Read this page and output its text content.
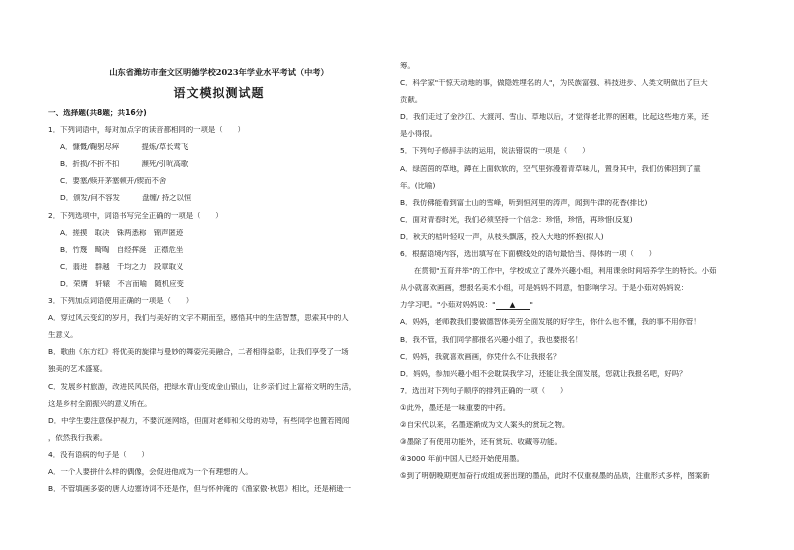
山东省潍坊市奎文区明德学校2023年学业水平考试（中考）
语文模拟测试题
一、选择题(共8题；共16分)
1．下列词语中，每对加点字的读音都相同的一项是（　　）
A．慷慨/鞠躬尽瘁　　　提炼/草长莺飞
B．折损/不折不扣　　　濒死/引吭高歌
C．要塞/赎开茅塞顿开/锲而不舍
D．颁发/问不容发　　　盘缠/ 持之以恒
2．下列选项中，词语书写完全正确的一项是（　　）
A．搓摸　取决　铢两悉称　锦声匿迹
B．竹篾　畸啕　自经挥涎　正襟危坐
C．翡进　群越　千均之力　段章取义
D．荣膺　轩辕　不言而喻　随机应变
3．下列加点词语使用正确的一项是（　　）
A．穿过风云变幻的岁月，我们与美好的文字不期而至，感悟其中的生活智慧，思索其中的人
生意义。
B．歌曲《东方红》将优美的旋律与曼妙的舞姿完美融合，二者相得益彰，让我们享受了一场
独美的艺术盛宴。
C．发展乡村旅游，改进民风民俗，把绿水青山变成金山银山，让乡亲们过上富裕文明的生活，
这是乡村全面振兴的意义所在。
D．中学生要注意保护视力，不要沉迷网络，但面对老师和父母的劝导，有些同学也置若罔闻
，依然我行我素。
4．没有语病的句子是（　　）
A．一个人要拼什么样的偶像，会促进他成为一个有理想的人。
B．不管填画多姿的唐人边塞诗词不还是作，但与怀仲淹的《渔家傲·秋思》相比，还是稍逊一
筹。
C．科学家"干惊天动地的事，做隐姓埋名的人"，为民族富强、科技进步、人类文明做出了巨大
贡献。
D．我们走过了金沙江、大渡河、雪山、草地以后，才觉得老北界的困难，比起这些地方来，还
是小得很。
5．下列句子修辞手法的运用，说法错误的一项是（　　）
A．绿茵茵的草地，蹲在上面软软的，空气里弥漫着青草味儿，置身其中，我们仿佛回到了童
年。(比喻)
B．我仿佛能看到富士山的雪峰，听到恒河里的涛声，闻到牛津的花香(排比)
C．面对青春时光，我们必须坚持一个信念：珍惜，珍惜，再珍惜(反复)
D．秋天的桔叶轻叹一声，从枝头飘落，投入大地的怀抱(拟人)
6．根据语境内容，选出填写在下面横线处的语句最恰当、得体的一项（　　）
在贯彻"五育并举"的工作中，学校成立了课外兴趣小组，利用课余时间培养学生的特长。小茹
从小就喜欢画画，想报名美术小组，可是妈妈不同意，怕影响学习。于是小茹对妈妈说：
力学习吧。"小茹对妈妈说：" ▲ "
A．妈妈，老师教我们要做德智体美劳全面发展的好学生，你什么也不懂，我的事不用你管！
B．我不管，我们同学都报名兴趣小组了，我也要报名！
C．妈妈，我就喜欢画画，你凭什么不让我报名？
D．妈妈，参加兴趣小组不会耽误我学习，还能让我全面发展，您就让我报名吧，好吗？
7．选出对下列句子顺序的排列正确的一项（　　）
①此外，墨还是一味重要的中药。
②自宋代以来，名墨逐渐成为文人案头的赏玩之物。
③墨除了有使用功能外，还有赏玩、收藏等功能。
④3000 年前中国人已经开始使用墨。
⑤到了明朝晚期更加奋行成组成套出现的墨品，此时不仅重视墨的品质，注重形式多样，图案新
